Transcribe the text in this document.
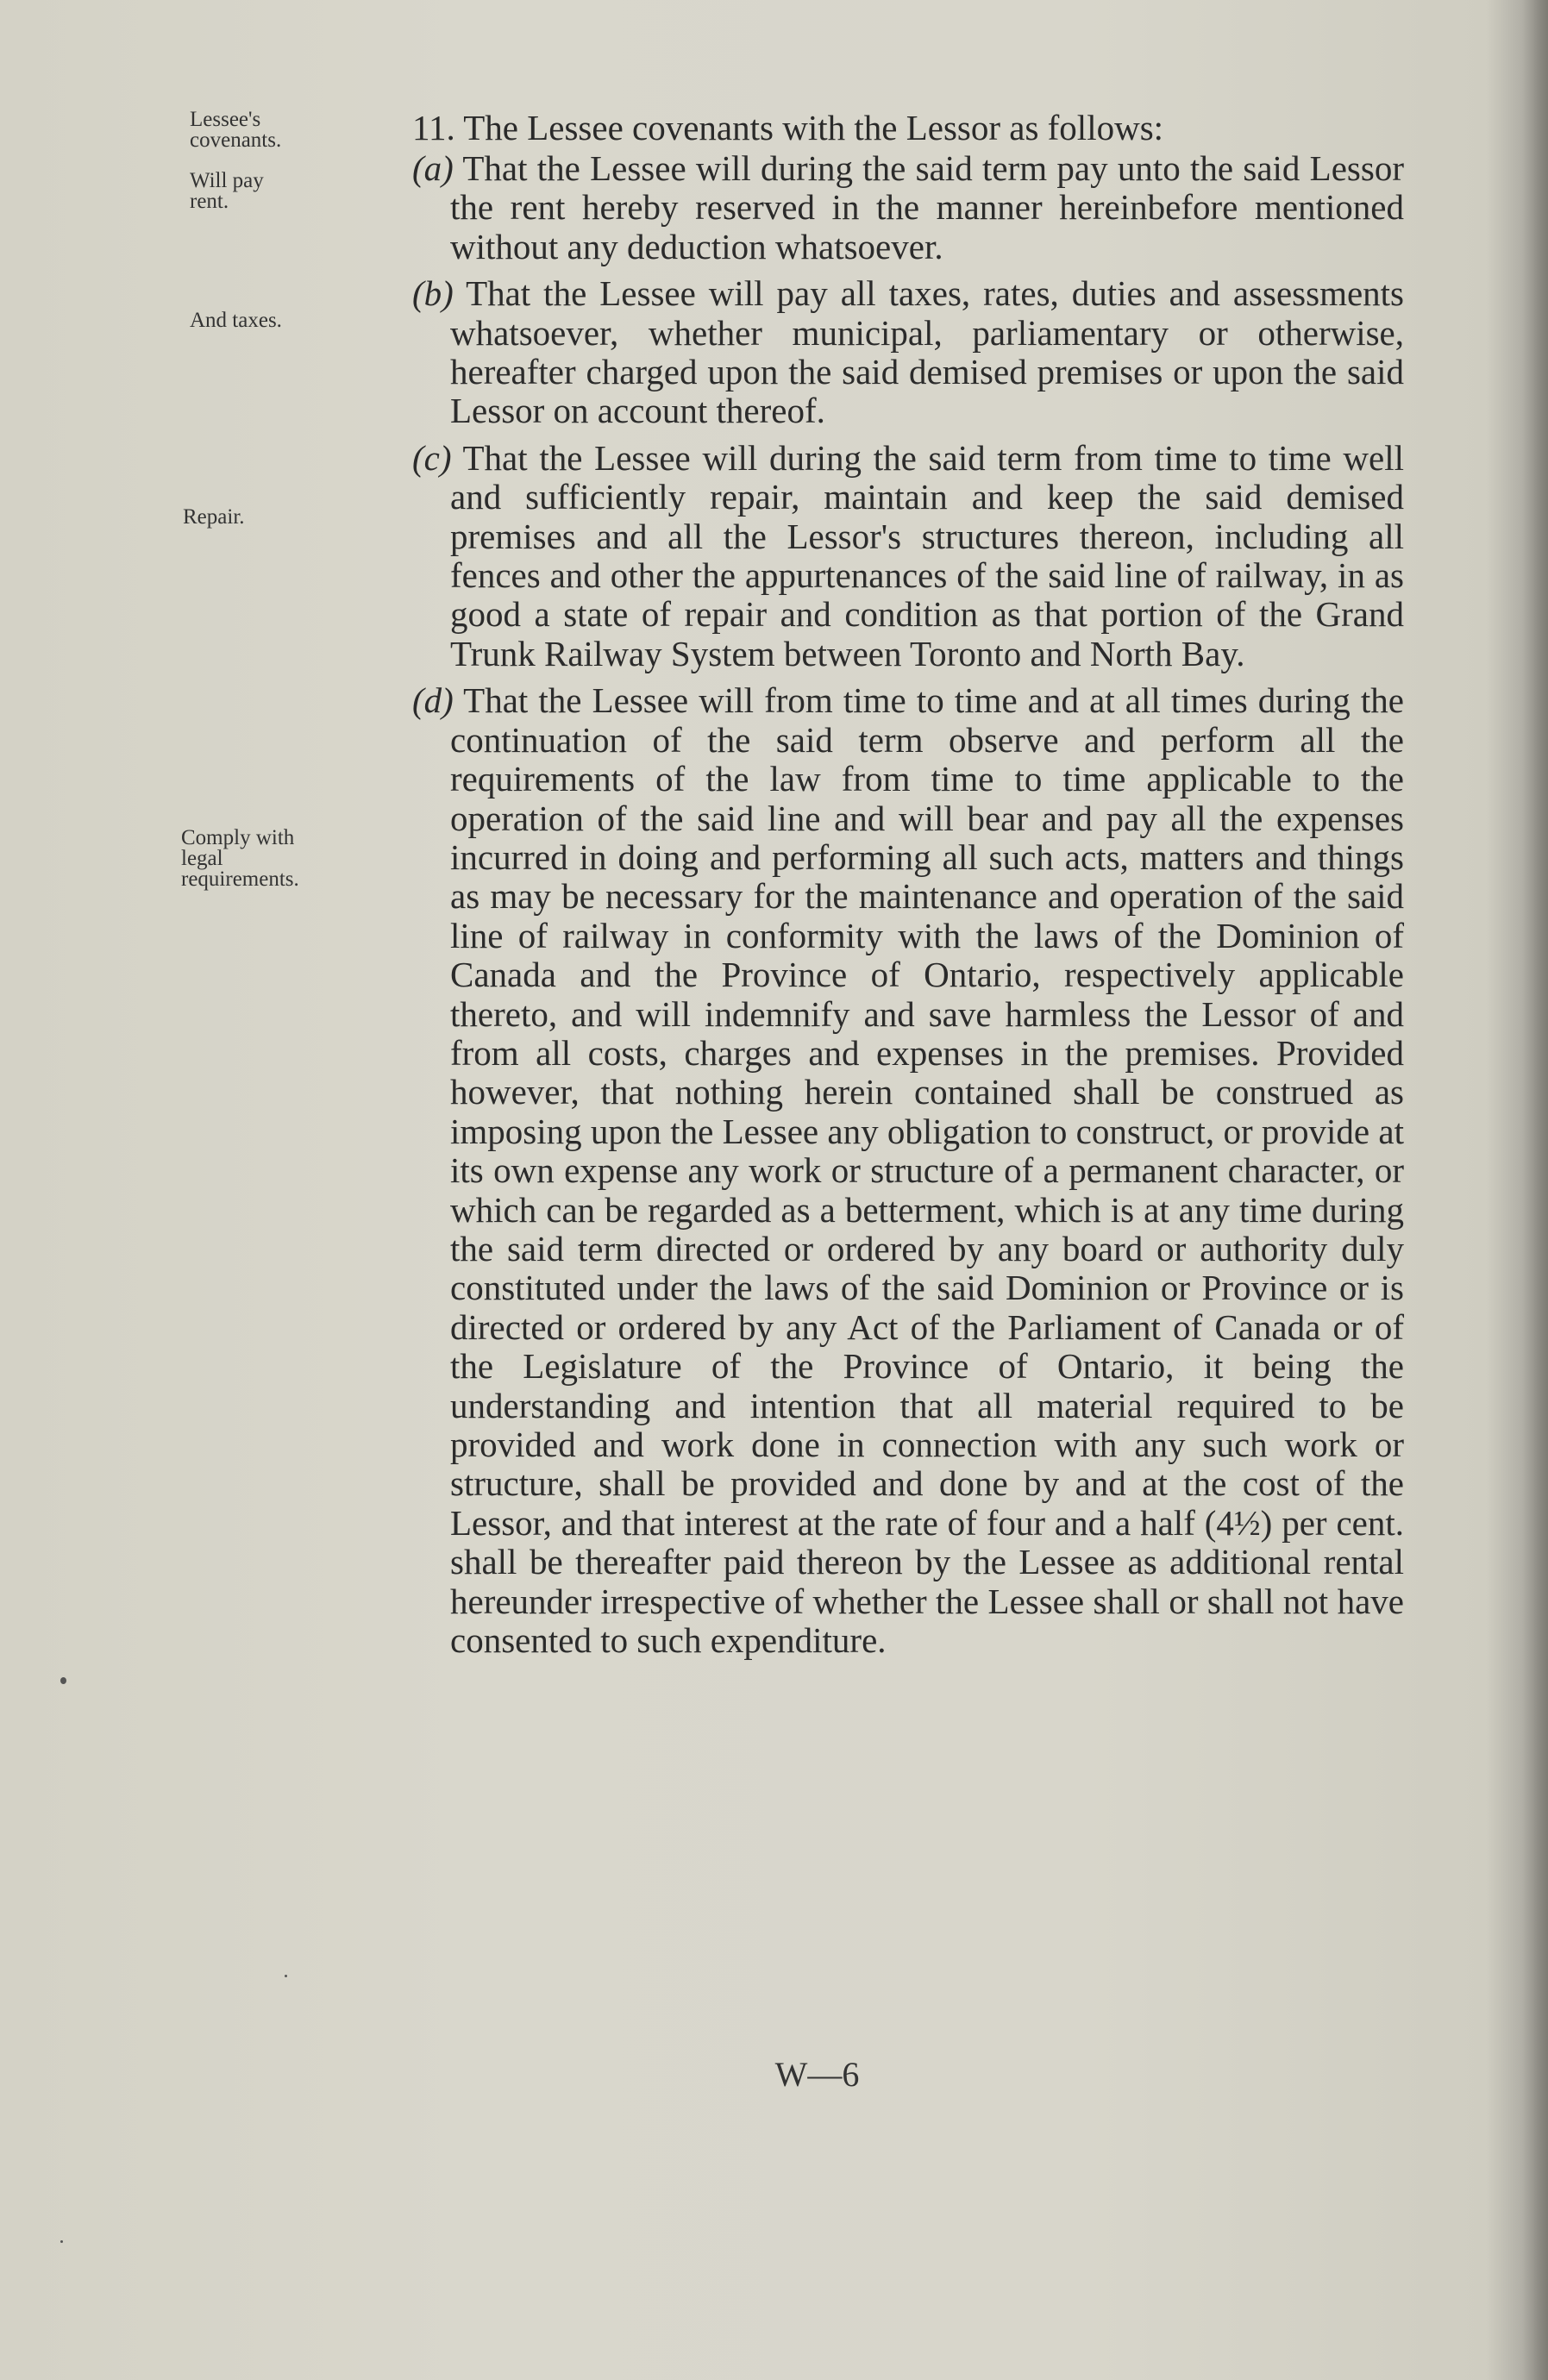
Lessee's
covenants.
Will pay
rent.
And taxes.
Repair.
Comply with
legal
requirements.
11. The Lessee covenants with the Lessor as follows:

(a) That the Lessee will during the said term pay unto the said Lessor the rent hereby reserved in the manner hereinbefore mentioned without any deduction whatsoever.

(b) That the Lessee will pay all taxes, rates, duties and assessments whatsoever, whether municipal, parliamentary or otherwise, hereafter charged upon the said demised premises or upon the said Lessor on account thereof.

(c) That the Lessee will during the said term from time to time well and sufficiently repair, maintain and keep the said demised premises and all the Lessor's structures thereon, including all fences and other the appurtenances of the said line of railway, in as good a state of repair and condition as that portion of the Grand Trunk Railway System between Toronto and North Bay.

(d) That the Lessee will from time to time and at all times during the continuation of the said term observe and perform all the requirements of the law from time to time applicable to the operation of the said line and will bear and pay all the expenses incurred in doing and performing all such acts, matters and things as may be necessary for the maintenance and operation of the said line of railway in conformity with the laws of the Dominion of Canada and the Province of Ontario, respectively applicable thereto, and will indemnify and save harmless the Lessor of and from all costs, charges and expenses in the premises. Provided however, that nothing herein contained shall be construed as imposing upon the Lessee any obligation to construct, or provide at its own expense any work or structure of a permanent character, or which can be regarded as a betterment, which is at any time during the said term directed or ordered by any board or authority duly constituted under the laws of the said Dominion or Province or is directed or ordered by any Act of the Parliament of Canada or of the Legislature of the Province of Ontario, it being the understanding and intention that all material required to be provided and work done in connection with any such work or structure, shall be provided and done by and at the cost of the Lessor, and that interest at the rate of four and a half (4½) per cent. shall be thereafter paid thereon by the Lessee as additional rental hereunder irrespective of whether the Lessee shall or shall not have consented to such expenditure.

W—6
